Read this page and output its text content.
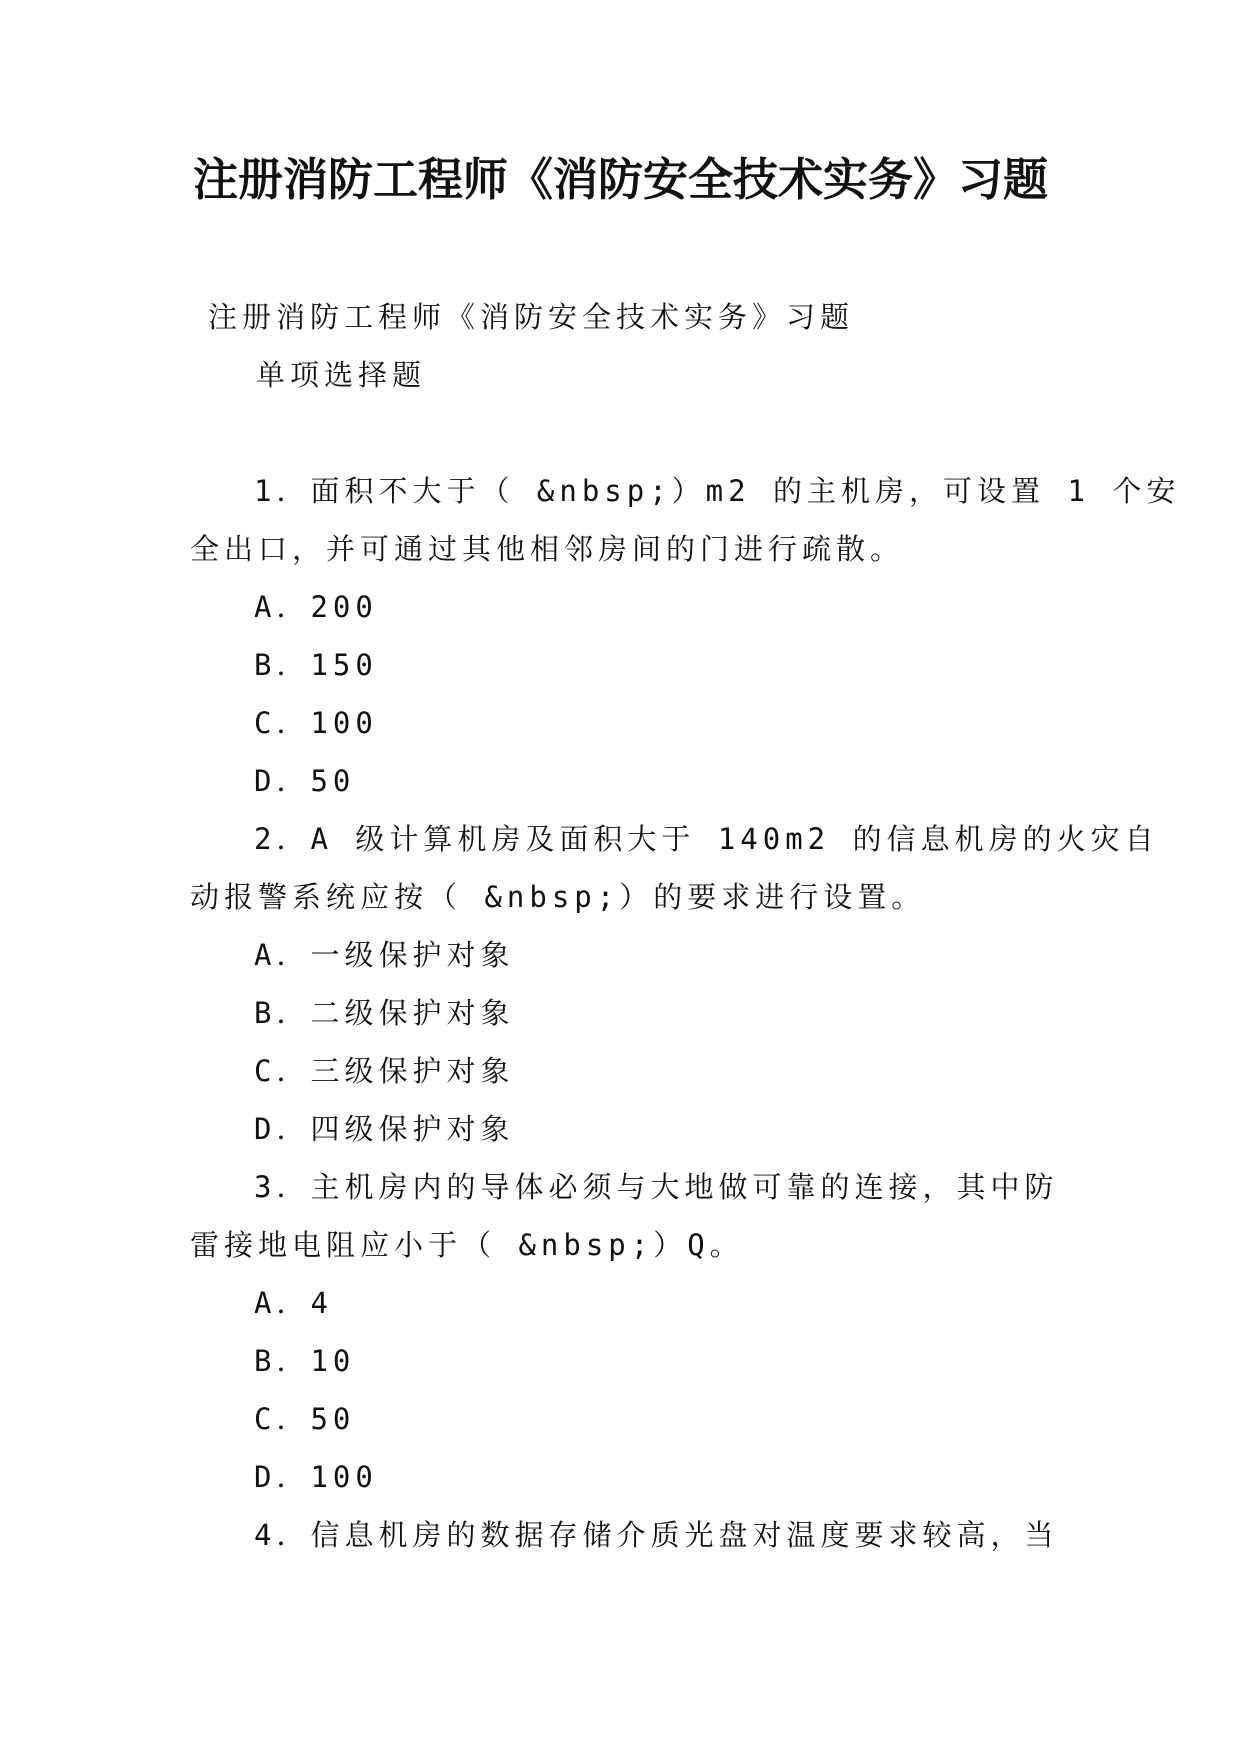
注册消防工程师《消防安全技术实务》习题

注册消防工程师《消防安全技术实务》习题

单项选择题

1．面积不大于（ &nbsp;）m2 的主机房，可设置 1 个安

全出口，并可通过其他相邻房间的门进行疏散。

A．200

B．150

C．100

D．50

2．A 级计算机房及面积大于 140m2 的信息机房的火灾自

动报警系统应按（ &nbsp;）的要求进行设置。

A．一级保护对象

B．二级保护对象

C．三级保护对象

D．四级保护对象

3．主机房内的导体必须与大地做可靠的连接，其中防

雷接地电阻应小于（ &nbsp;）Q。

A．4

B．10

C．50

D．100

4．信息机房的数据存储介质光盘对温度要求较高，当
